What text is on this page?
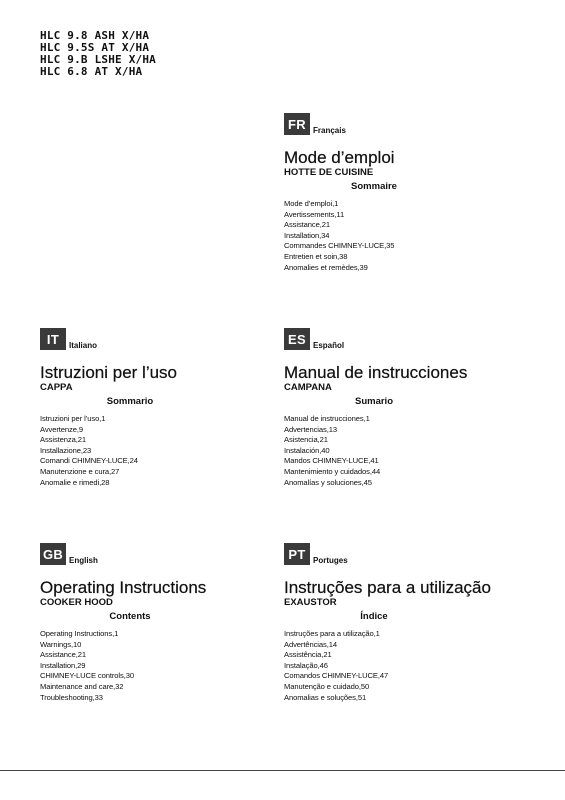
HLC 9.8 ASH X/HA
HLC 9.5S AT X/HA
HLC 9.B LSHE X/HA
HLC 6.8 AT X/HA
FR Français
Mode d’emploi
HOTTE DE CUISINE
Sommaire
Mode d’emploi,1
Avertissements,11
Assistance,21
Installation,34
Commandes CHIMNEY-LUCE,35
Entretien et soin,38
Anomalies et remèdes,39
IT	Italiano
Istruzioni per l’uso
CAPPA
Sommario
Istruzioni per l’uso,1
Avvertenze,9
Assistenza,21
Installazione,23
Comandi CHIMNEY-LUCE,24
Manutenzione e cura,27
Anomalie e rimedi,28
ES Español
Manual de instrucciones
CAMPANA
Sumario
Manual de instrucciones,1
Advertencias,13
Asistencia,21
Instalación,40
Mandos CHIMNEY-LUCE,41
Mantenimiento y cuidados,44
Anomalías y soluciones,45
GB English
Operating Instructions
COOKER HOOD
Contents
Operating Instructions,1
Warnings,10
Assistance,21
Installation,29
CHIMNEY-LUCE controls,30
Maintenance and care,32
Troubleshooting,33
PT Portuges
Instruções para a utilização
EXAUSTOR
Índice
Instruções para a utilização,1
Advertências,14
Assistência,21
Instalação,46
Comandos CHIMNEY-LUCE,47
Manutenção e cuidado,50
Anomalias e soluções,51
